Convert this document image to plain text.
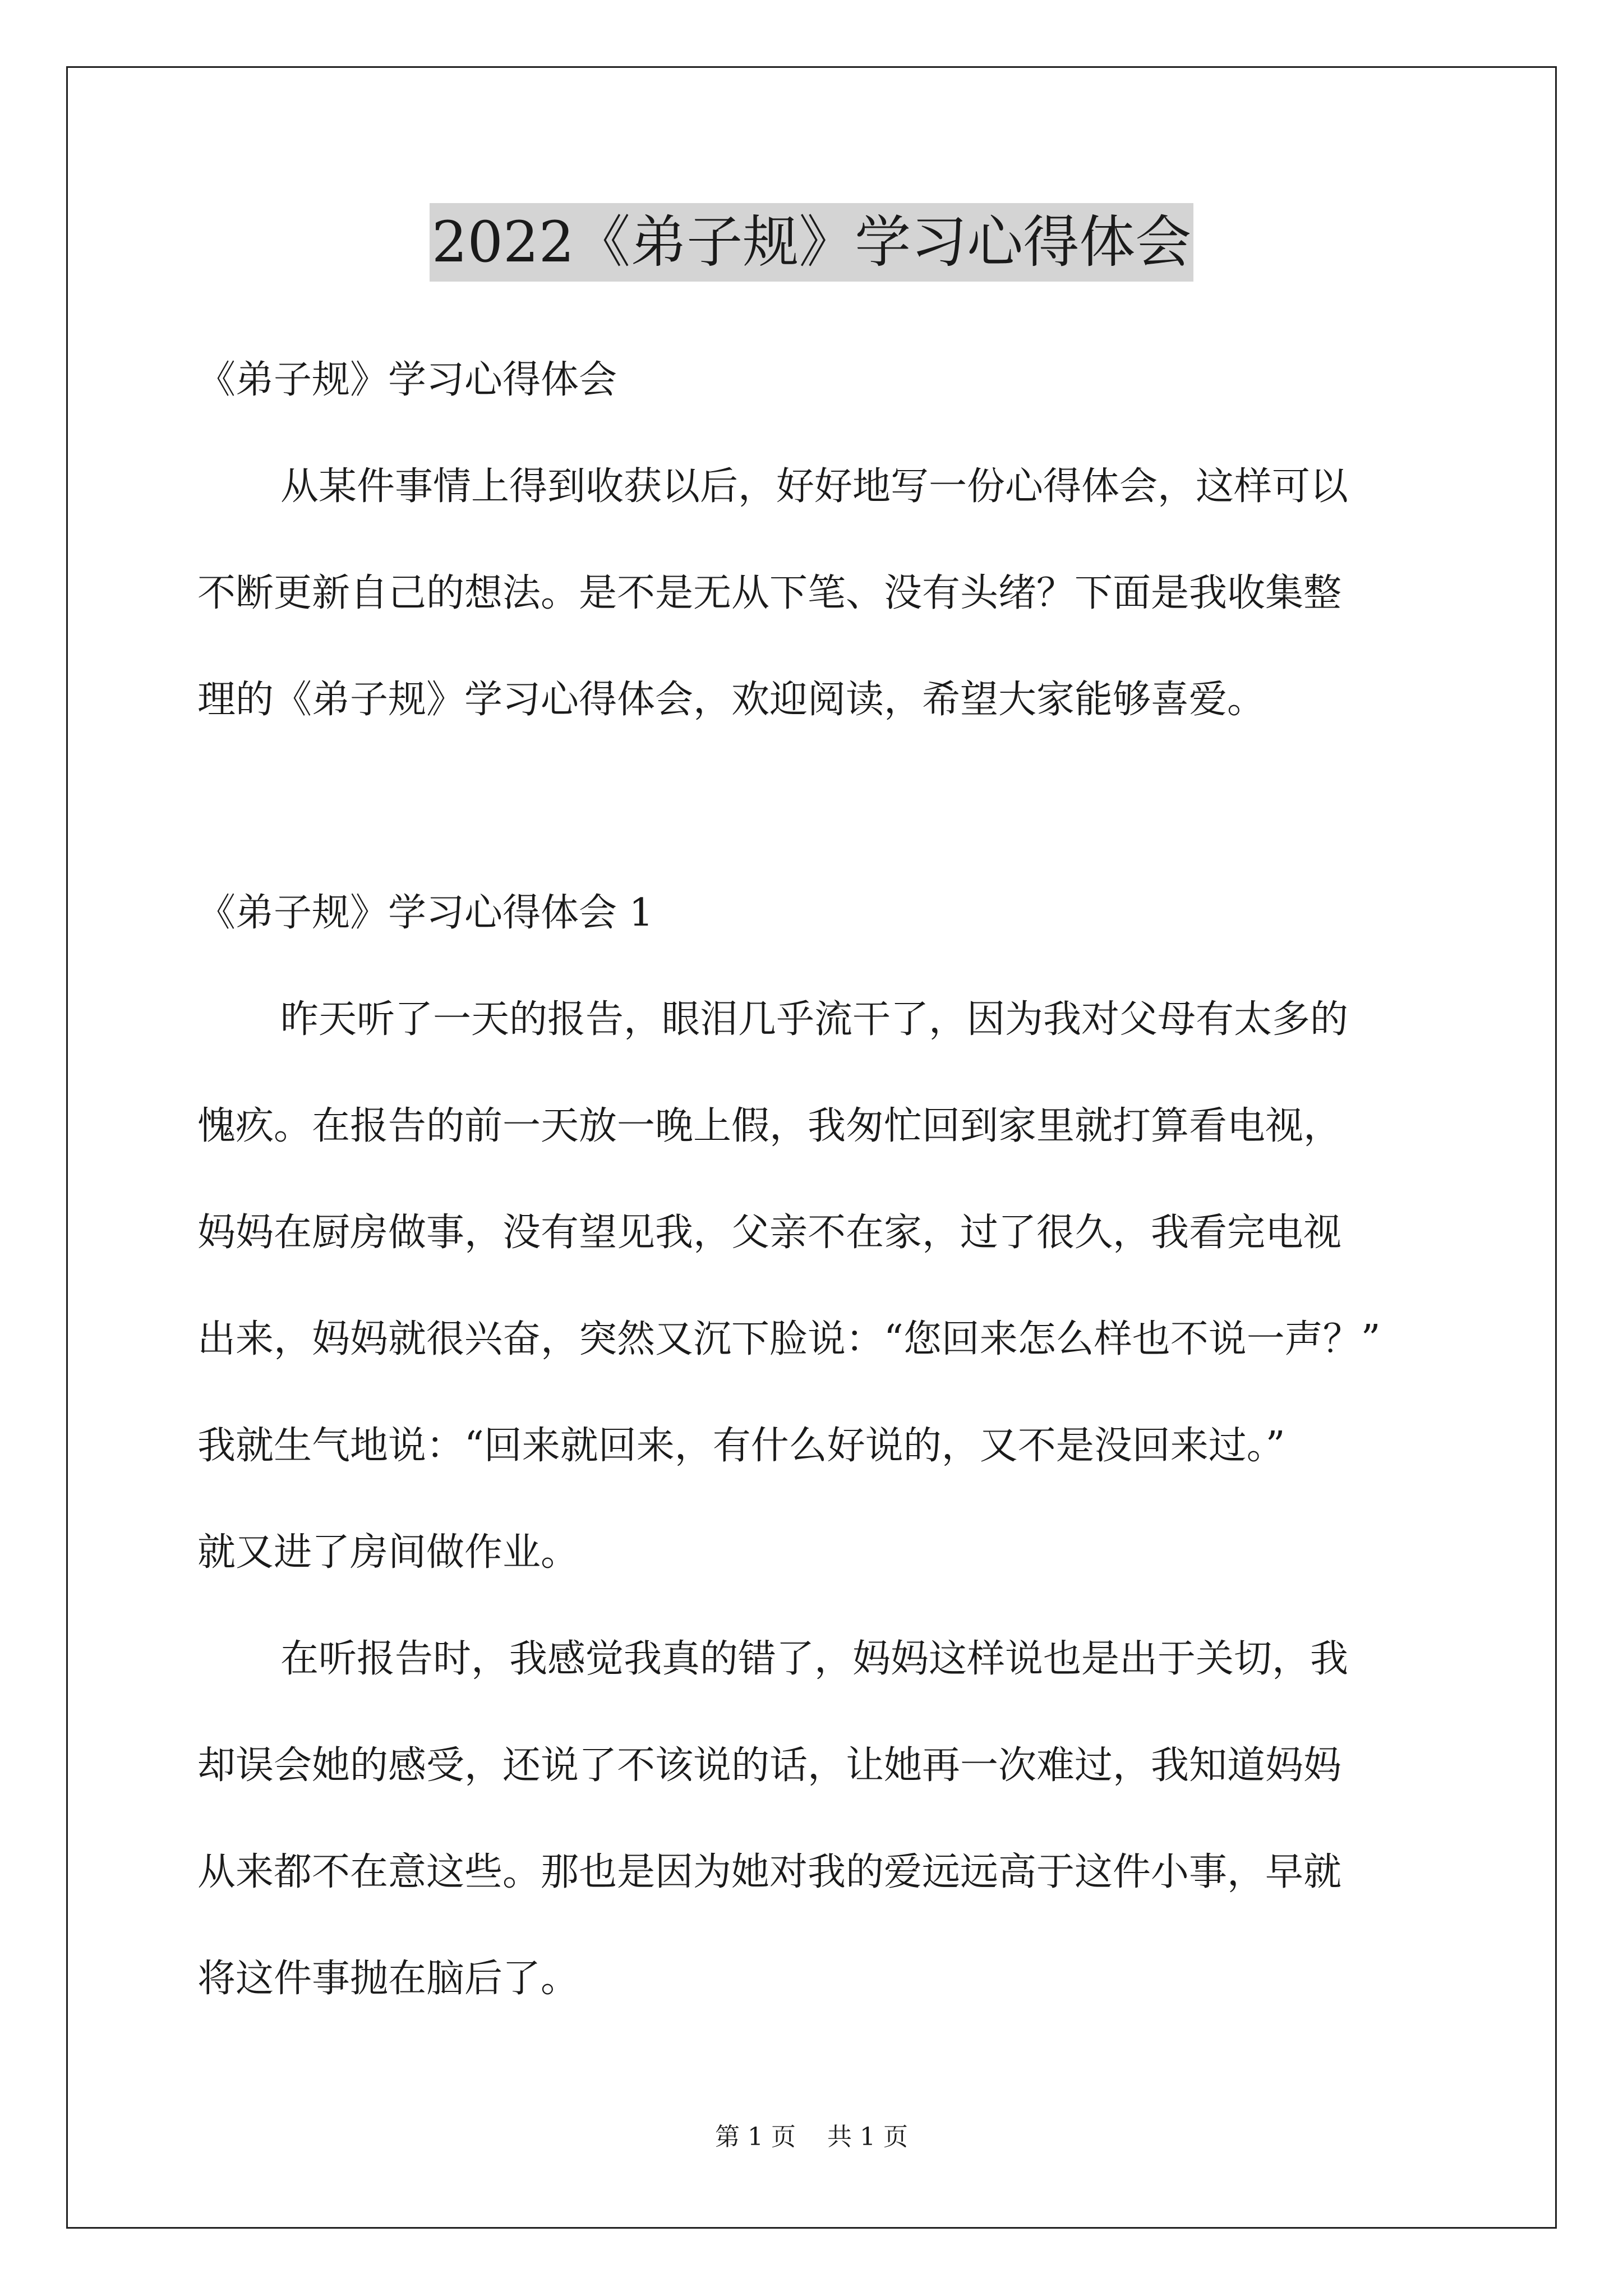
2022《弟子规》学习心得体会
《弟子规》学习心得体会
从某件事情上得到收获以后，好好地写一份心得体会，这样可以
不断更新自己的想法。是不是无从下笔、没有头绪？下面是我收集整
理的《弟子规》学习心得体会，欢迎阅读，希望大家能够喜爱。
《弟子规》学习心得体会 1
昨天听了一天的报告，眼泪几乎流干了，因为我对父母有太多的
愧疚。在报告的前一天放一晚上假，我匆忙回到家里就打算看电视，
妈妈在厨房做事，没有望见我，父亲不在家，过了很久，我看完电视
出来，妈妈就很兴奋，突然又沉下脸说：“您回来怎么样也不说一声？”
我就生气地说：“回来就回来，有什么好说的，又不是没回来过。”
就又进了房间做作业。
在听报告时，我感觉我真的错了，妈妈这样说也是出于关切，我
却误会她的感受，还说了不该说的话，让她再一次难过，我知道妈妈
从来都不在意这些。那也是因为她对我的爱远远高于这件小事，早就
将这件事抛在脑后了。
第 1 页 共 1 页
